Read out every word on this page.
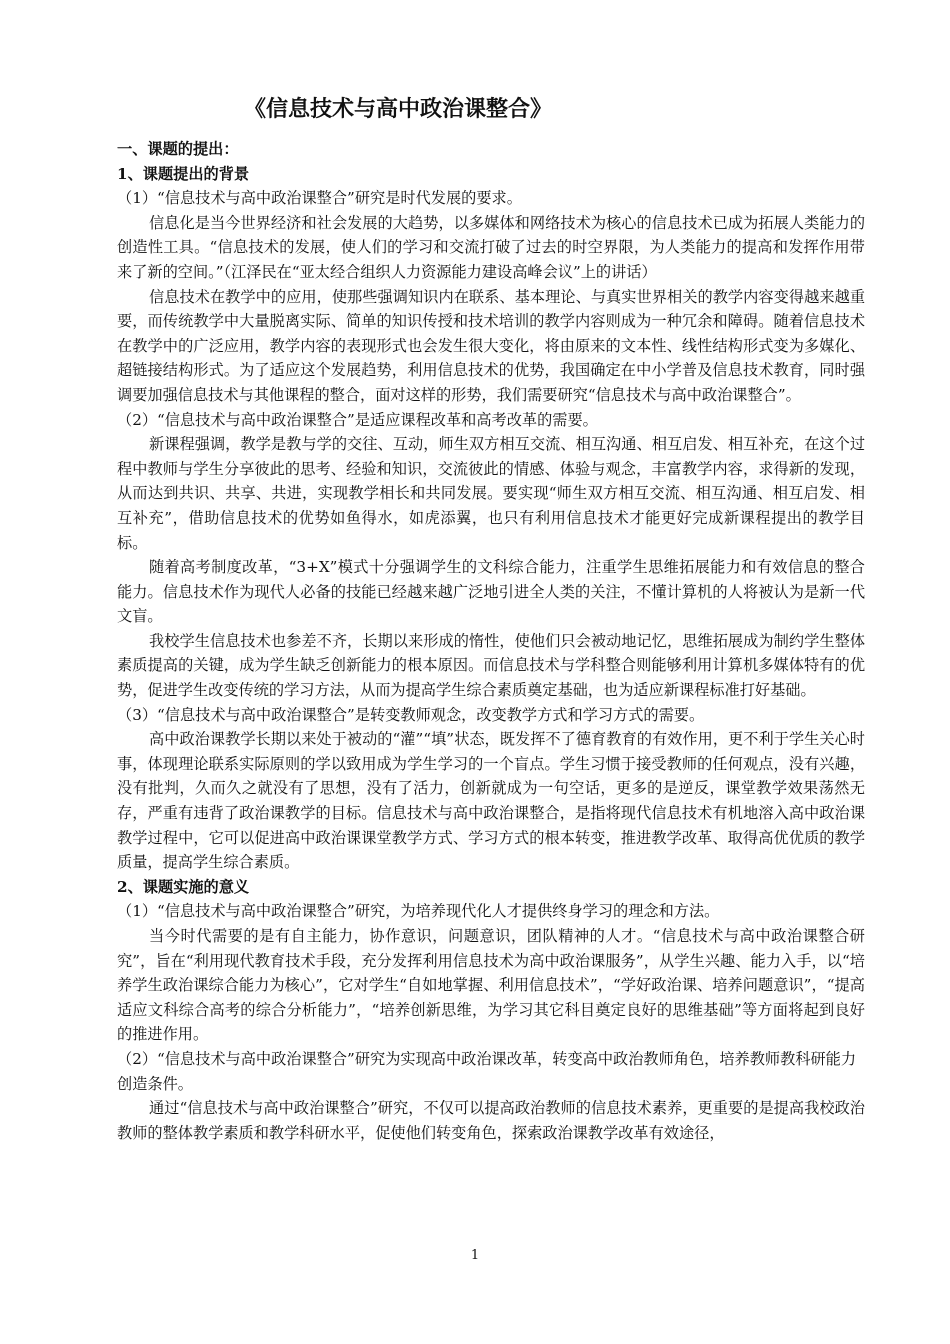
《信息技术与高中政治课整合》

一、课题的提出：

1、课题提出的背景

（1）“信息技术与高中政治课整合”研究是时代发展的要求。

信息化是当今世界经济和社会发展的大趋势，以多媒体和网络技术为核心的信息技术已成为拓展人类能力的创造性工具。“信息技术的发展，使人们的学习和交流打破了过去的时空界限，为人类能力的提高和发挥作用带来了新的空间。”（江泽民在“亚太经合组织人力资源能力建设高峰会议”上的讲话）

信息技术在教学中的应用，使那些强调知识内在联系、基本理论、与真实世界相关的教学内容变得越来越重要，而传统教学中大量脱离实际、简单的知识传授和技术培训的教学内容则成为一种冗余和障碍。随着信息技术在教学中的广泛应用，教学内容的表现形式也会发生很大变化，将由原来的文本性、线性结构形式变为多媒化、超链接结构形式。为了适应这个发展趋势，利用信息技术的优势，我国确定在中小学普及信息技术教育，同时强调要加强信息技术与其他课程的整合，面对这样的形势，我们需要研究“信息技术与高中政治课整合”。

（2）“信息技术与高中政治课整合”是适应课程改革和高考改革的需要。

新课程强调，教学是教与学的交往、互动，师生双方相互交流、相互沟通、相互启发、相互补充，在这个过程中教师与学生分享彼此的思考、经验和知识，交流彼此的情感、体验与观念，丰富教学内容，求得新的发现，从而达到共识、共享、共进，实现教学相长和共同发展。要实现“师生双方相互交流、相互沟通、相互启发、相互补充”，借助信息技术的优势如鱼得水，如虎添翼，也只有利用信息技术才能更好完成新课程提出的教学目标。

随着高考制度改革，“3+X”模式十分强调学生的文科综合能力，注重学生思维拓展能力和有效信息的整合能力。信息技术作为现代人必备的技能已经越来越广泛地引进全人类的关注，不懂计算机的人将被认为是新一代文盲。

我校学生信息技术也参差不齐，长期以来形成的惰性，使他们只会被动地记忆，思维拓展成为制约学生整体素质提高的关键，成为学生缺乏创新能力的根本原因。而信息技术与学科整合则能够利用计算机多媒体特有的优势，促进学生改变传统的学习方法，从而为提高学生综合素质奠定基础，也为适应新课程标准打好基础。

（3）“信息技术与高中政治课整合”是转变教师观念，改变教学方式和学习方式的需要。

高中政治课教学长期以来处于被动的“灌”“填”状态，既发挥不了德育教育的有效作用，更不利于学生关心时事，体现理论联系实际原则的学以致用成为学生学习的一个盲点。学生习惯于接受教师的任何观点，没有兴趣，没有批判，久而久之就没有了思想，没有了活力，创新就成为一句空话，更多的是逆反，课堂教学效果荡然无存，严重有违背了政治课教学的目标。信息技术与高中政治课整合，是指将现代信息技术有机地溶入高中政治课教学过程中，它可以促进高中政治课课堂教学方式、学习方式的根本转变，推进教学改革、取得高优优质的教学质量，提高学生综合素质。

2、课题实施的意义

（1）“信息技术与高中政治课整合”研究，为培养现代化人才提供终身学习的理念和方法。

当今时代需要的是有自主能力，协作意识，问题意识，团队精神的人才。“信息技术与高中政治课整合研究”，旨在“利用现代教育技术手段，充分发挥利用信息技术为高中政治课服务”，从学生兴趣、能力入手，以“培养学生政治课综合能力为核心”，它对学生“自如地掌握、利用信息技术”，“学好政治课、培养问题意识”，“提高适应文科综合高考的综合分析能力”，“培养创新思维，为学习其它科目奠定良好的思维基础”等方面将起到良好的推进作用。

（2）“信息技术与高中政治课整合”研究为实现高中政治课改革，转变高中政治教师角色，培养教师教科研能力创造条件。

通过“信息技术与高中政治课整合”研究，不仅可以提高政治教师的信息技术素养，更重要的是提高我校政治教师的整体教学素质和教学科研水平，促使他们转变角色，探索政治课教学改革有效途径，

1
